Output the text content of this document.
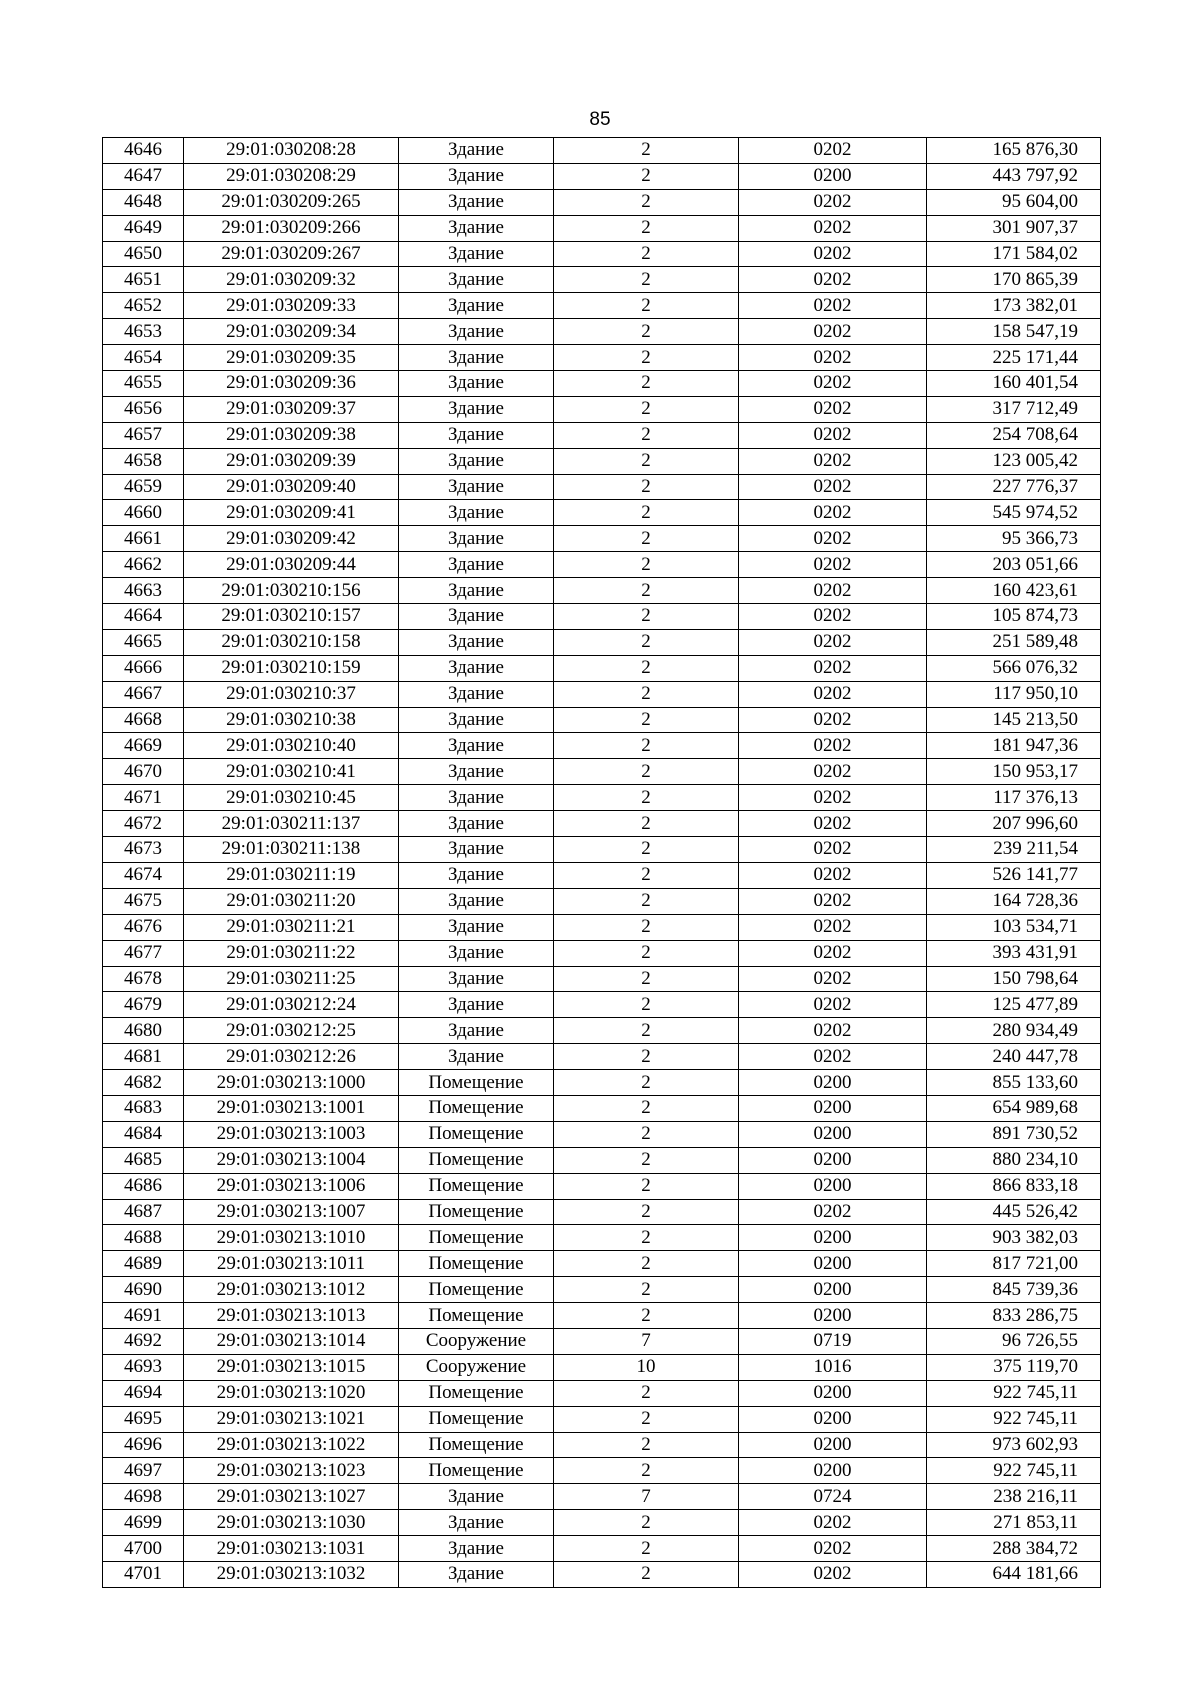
85
4646	29:01:030208:28	Здание	2	0202	165 876,30
4647	29:01:030208:29	Здание	2	0200	443 797,92
4648	29:01:030209:265	Здание	2	0202	95 604,00
4649	29:01:030209:266	Здание	2	0202	301 907,37
4650	29:01:030209:267	Здание	2	0202	171 584,02
4651	29:01:030209:32	Здание	2	0202	170 865,39
4652	29:01:030209:33	Здание	2	0202	173 382,01
4653	29:01:030209:34	Здание	2	0202	158 547,19
4654	29:01:030209:35	Здание	2	0202	225 171,44
4655	29:01:030209:36	Здание	2	0202	160 401,54
4656	29:01:030209:37	Здание	2	0202	317 712,49
4657	29:01:030209:38	Здание	2	0202	254 708,64
4658	29:01:030209:39	Здание	2	0202	123 005,42
4659	29:01:030209:40	Здание	2	0202	227 776,37
4660	29:01:030209:41	Здание	2	0202	545 974,52
4661	29:01:030209:42	Здание	2	0202	95 366,73
4662	29:01:030209:44	Здание	2	0202	203 051,66
4663	29:01:030210:156	Здание	2	0202	160 423,61
4664	29:01:030210:157	Здание	2	0202	105 874,73
4665	29:01:030210:158	Здание	2	0202	251 589,48
4666	29:01:030210:159	Здание	2	0202	566 076,32
4667	29:01:030210:37	Здание	2	0202	117 950,10
4668	29:01:030210:38	Здание	2	0202	145 213,50
4669	29:01:030210:40	Здание	2	0202	181 947,36
4670	29:01:030210:41	Здание	2	0202	150 953,17
4671	29:01:030210:45	Здание	2	0202	117 376,13
4672	29:01:030211:137	Здание	2	0202	207 996,60
4673	29:01:030211:138	Здание	2	0202	239 211,54
4674	29:01:030211:19	Здание	2	0202	526 141,77
4675	29:01:030211:20	Здание	2	0202	164 728,36
4676	29:01:030211:21	Здание	2	0202	103 534,71
4677	29:01:030211:22	Здание	2	0202	393 431,91
4678	29:01:030211:25	Здание	2	0202	150 798,64
4679	29:01:030212:24	Здание	2	0202	125 477,89
4680	29:01:030212:25	Здание	2	0202	280 934,49
4681	29:01:030212:26	Здание	2	0202	240 447,78
4682	29:01:030213:1000	Помещение	2	0200	855 133,60
4683	29:01:030213:1001	Помещение	2	0200	654 989,68
4684	29:01:030213:1003	Помещение	2	0200	891 730,52
4685	29:01:030213:1004	Помещение	2	0200	880 234,10
4686	29:01:030213:1006	Помещение	2	0200	866 833,18
4687	29:01:030213:1007	Помещение	2	0202	445 526,42
4688	29:01:030213:1010	Помещение	2	0200	903 382,03
4689	29:01:030213:1011	Помещение	2	0200	817 721,00
4690	29:01:030213:1012	Помещение	2	0200	845 739,36
4691	29:01:030213:1013	Помещение	2	0200	833 286,75
4692	29:01:030213:1014	Сооружение	7	0719	96 726,55
4693	29:01:030213:1015	Сооружение	10	1016	375 119,70
4694	29:01:030213:1020	Помещение	2	0200	922 745,11
4695	29:01:030213:1021	Помещение	2	0200	922 745,11
4696	29:01:030213:1022	Помещение	2	0200	973 602,93
4697	29:01:030213:1023	Помещение	2	0200	922 745,11
4698	29:01:030213:1027	Здание	7	0724	238 216,11
4699	29:01:030213:1030	Здание	2	0202	271 853,11
4700	29:01:030213:1031	Здание	2	0202	288 384,72
4701	29:01:030213:1032	Здание	2	0202	644 181,66
